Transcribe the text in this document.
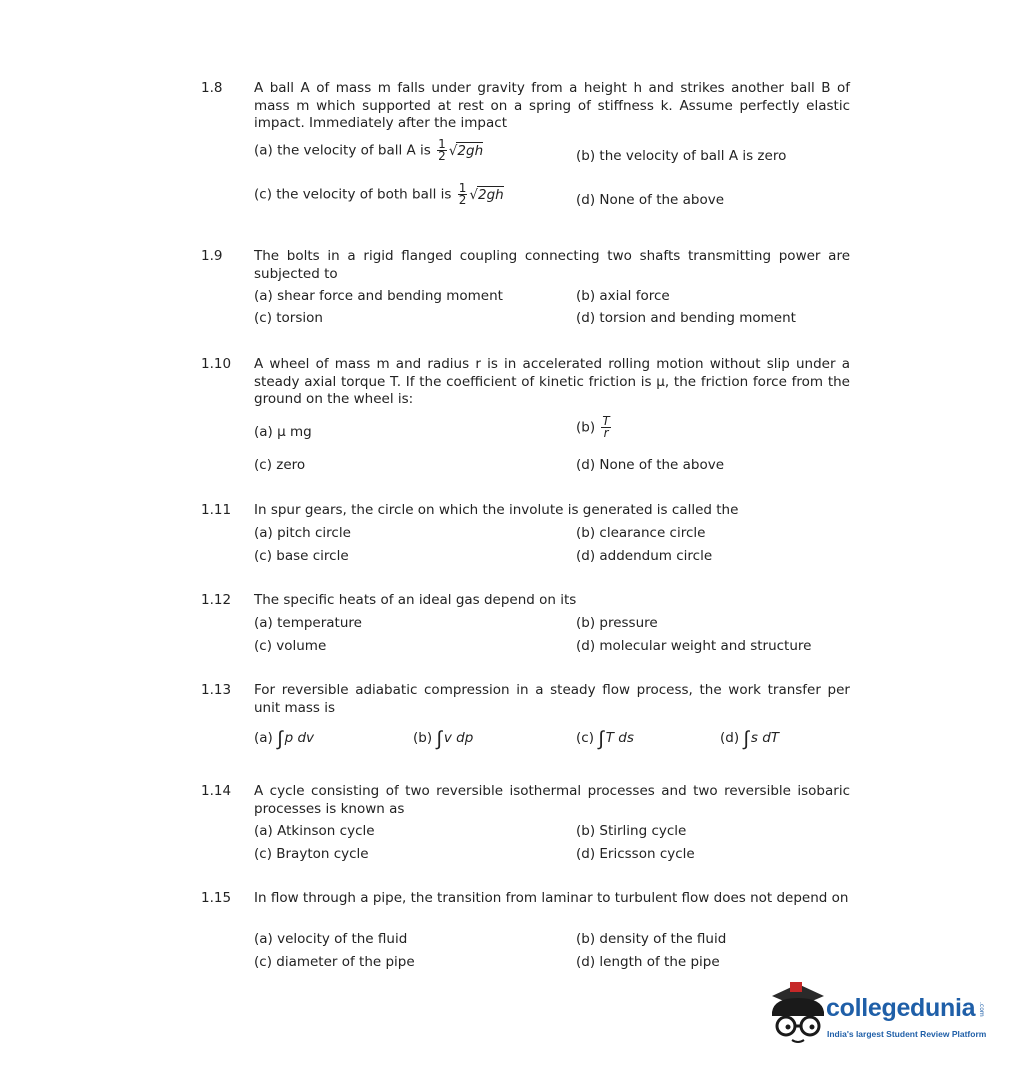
1.8 A ball A of mass m falls under gravity from a height h and strikes another ball B of mass m which supported at rest on a spring of stiffness k. Assume perfectly elastic impact. Immediately after the impact
(a) the velocity of ball A is $\frac{1}{2} √2gh$	(b) the velocity of ball A is zero
(c) the velocity of both ball is $\frac{1}{2} √2gh$	(d) None of the above
1.9 The bolts in a rigid flanged coupling connecting two shafts transmitting power are subjected to
(a) shear force and bending moment	(b) axial force
(c) torsion	(d) torsion and bending moment
1.10 A wheel of mass m and radius r is in accelerated rolling motion without slip under a steady axial torque T. If the coefficient of kinetic friction is μ, the friction force from the ground on the wheel is:
(a) μ mg	$(b) \frac{T}{r}$
(c) zero	(d) None of the above
1.11 In spur gears, the circle on which the involute is generated is called the
(a) pitch circle	(b) clearance circle
(c) base circle	(d) addendum circle
1.12 The specific heats of an ideal gas depend on its
(a) temperature	(b) pressure
(c) volume	(d) molecular weight and structure
1.13 For reversible adiabatic compression in a steady flow process, the work transfer per unit mass is
(a) ∫ p dv	(b) ∫ v dp	(c) ∫ T ds	(d) ∫ s dT
1.14 A cycle consisting of two reversible isothermal processes and two reversible isobaric processes is known as
(a) Atkinson cycle	(b) Stirling cycle
(c) Brayton cycle	(d) Ericsson cycle
1.15 In flow through a pipe, the transition from laminar to turbulent flow does not depend on
(a) velocity of the fluid	(b) density of the fluid
(c) diameter of the pipe	(d) length of the pipe
collegedunia .com
India's largest Student Review Platform
